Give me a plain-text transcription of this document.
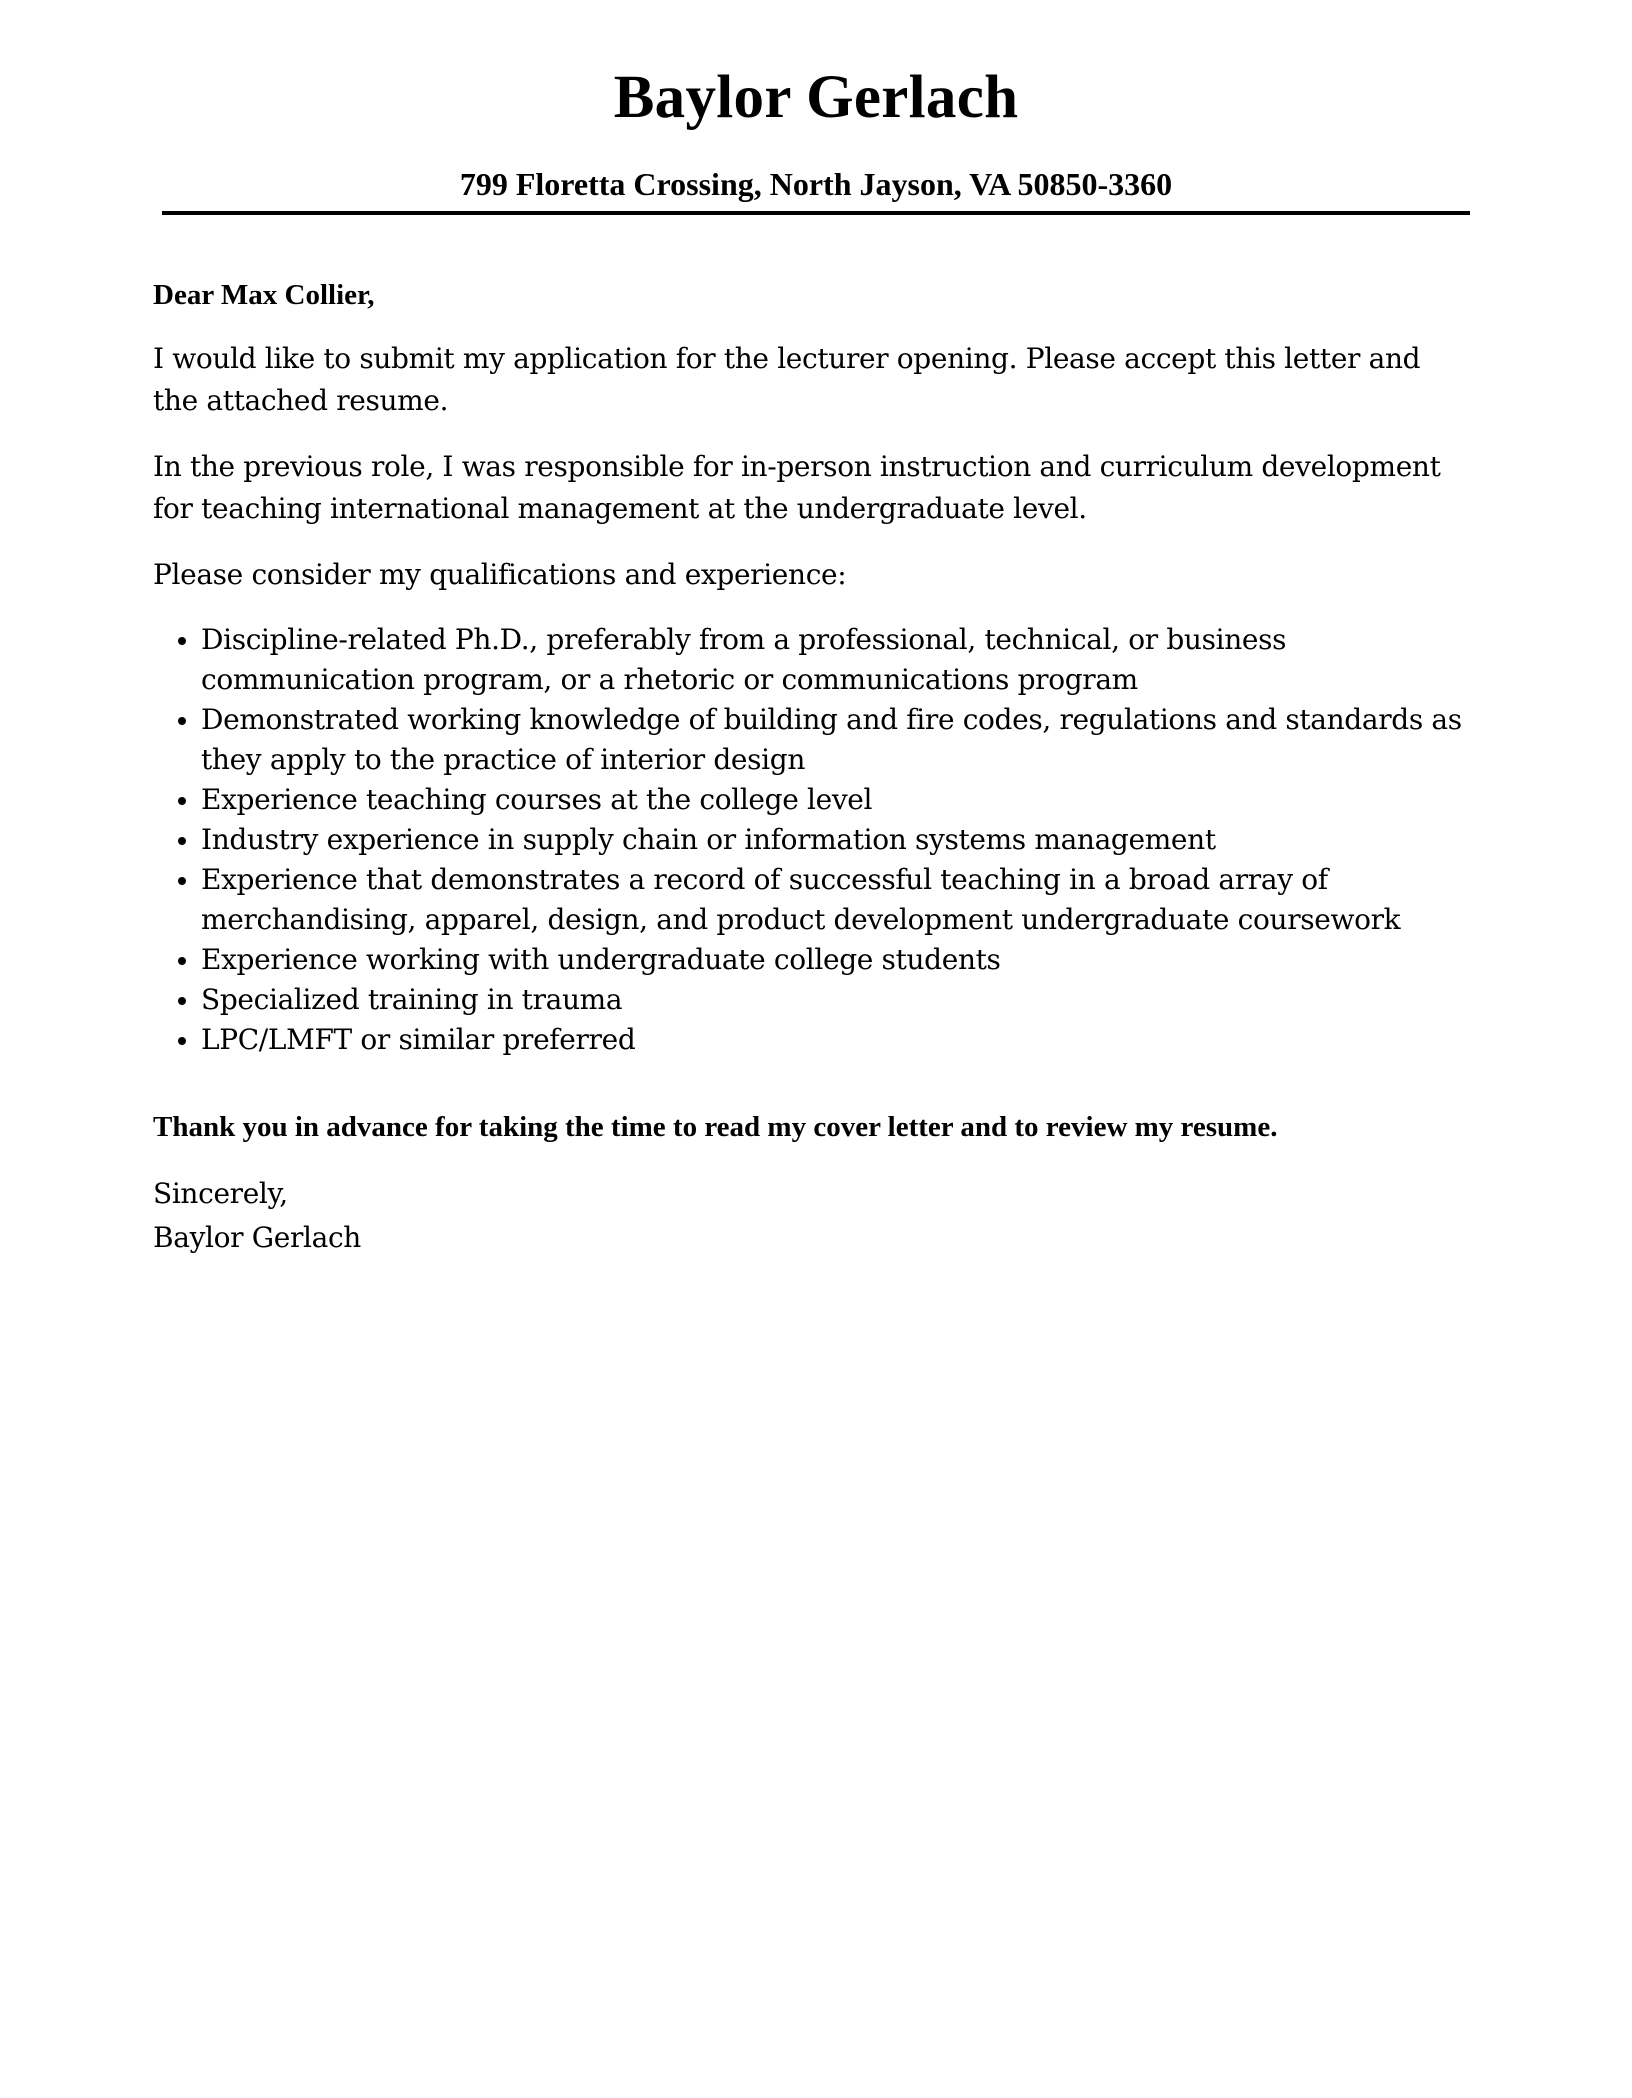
Baylor Gerlach

799 Floretta Crossing, North Jayson, VA 50850-3360

Dear Max Collier,

I would like to submit my application for the lecturer opening. Please accept this letter and the attached resume.

In the previous role, I was responsible for in-person instruction and curriculum development for teaching international management at the undergraduate level.

Please consider my qualifications and experience:

Discipline-related Ph.D., preferably from a professional, technical, or business communication program, or a rhetoric or communications program
Demonstrated working knowledge of building and fire codes, regulations and standards as they apply to the practice of interior design
Experience teaching courses at the college level
Industry experience in supply chain or information systems management
Experience that demonstrates a record of successful teaching in a broad array of merchandising, apparel, design, and product development undergraduate coursework
Experience working with undergraduate college students
Specialized training in trauma
LPC/LMFT or similar preferred

Thank you in advance for taking the time to read my cover letter and to review my resume.

Sincerely,
Baylor Gerlach
